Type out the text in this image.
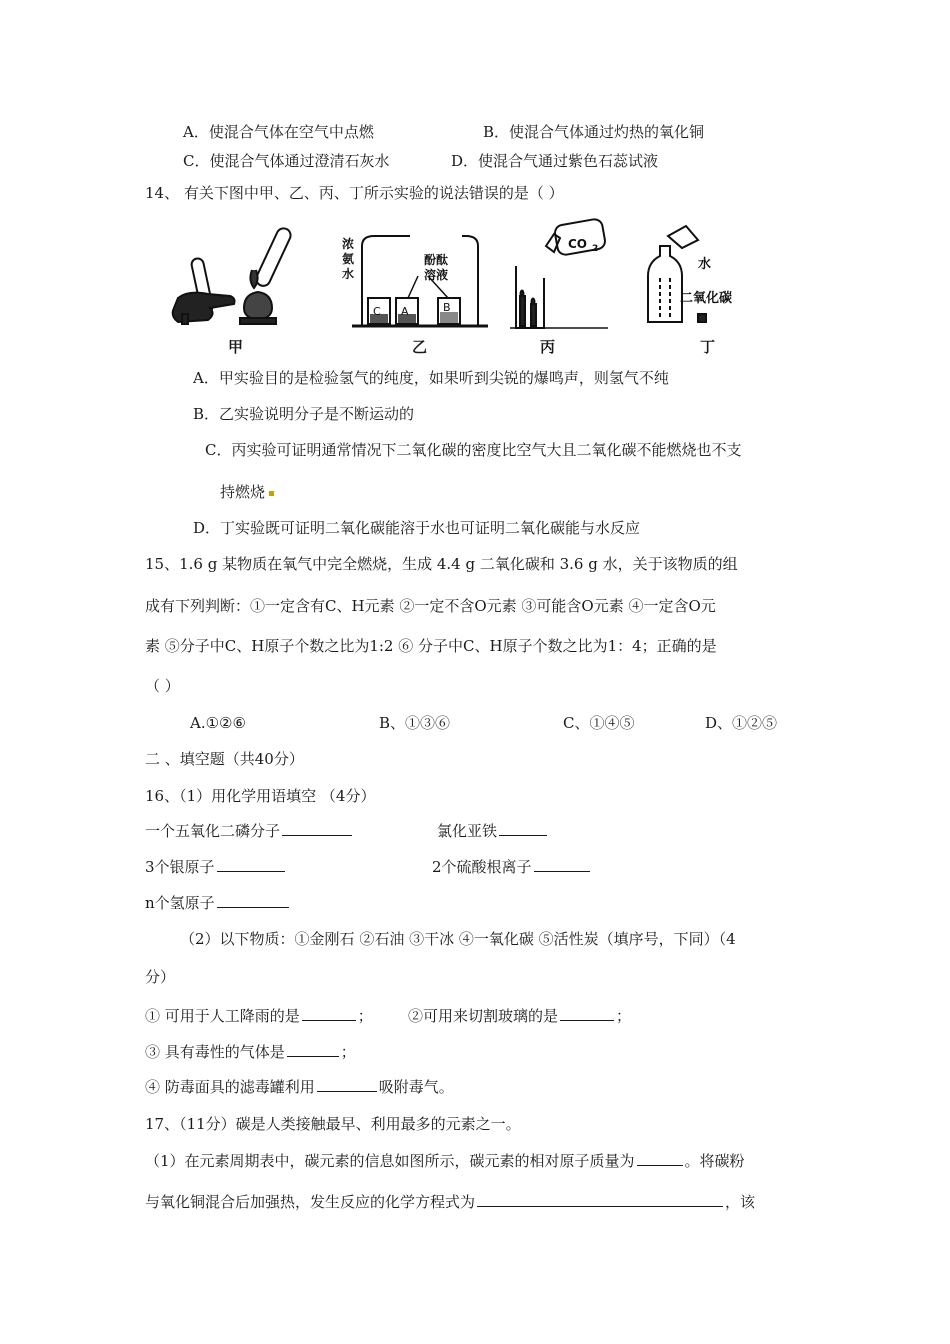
A．使混合气体在空气中点燃	B．使混合气体通过灼热的氧化铜
C．使混合气体通过澄清石灰水	D．使混合气通过紫色石蕊试液
14、 有关下图中甲、乙、丙、丁所示实验的说法错误的是（ ）
C A	B
浓
氨
水
酚酞
溶液
CO 2
水
二氧化碳
甲	乙	丙	丁
A．甲实验目的是检验氢气的纯度，如果听到尖锐的爆鸣声，则氢气不纯
B．乙实验说明分子是不断运动的
C．丙实验可证明通常情况下二氧化碳的密度比空气大且二氧化碳不能燃烧也不支
持燃烧
D．丁实验既可证明二氧化碳能溶于水也可证明二氧化碳能与水反应
15、1.6 g 某物质在氧气中完全燃烧，生成 4.4 g 二氧化碳和 3.6 g 水，关于该物质的组
成有下列判断：①一定含有C、H元素 ②一定不含O元素 ③可能含O元素 ④一定含O元
素 ⑤分子中C、H原子个数之比为1:2 ⑥ 分子中C、H原子个数之比为1：4；正确的是
（ ）
A.①②⑥	B、①③⑥	C、①④⑤	D、①②⑤
二 、填空题（共40分）
16、（1）用化学用语填空 （4分）
一个五氧化二磷分子	氯化亚铁
3个银原子	2个硫酸根离子
n个氢原子
（2）以下物质：①金刚石 ②石油 ③干冰 ④一氧化碳 ⑤活性炭（填序号，下同）（4
分）
① 可用于人工降雨的是	； ②可用来切割玻璃的是	；
③ 具有毒性的气体是	；
④ 防毒面具的滤毒罐利用	吸附毒气。
17、（11分）碳是人类接触最早、利用最多的元素之一。
（1）在元素周期表中，碳元素的信息如图所示，碳元素的相对原子质量为	。将碳粉
与氧化铜混合后加强热，发生反应的化学方程式为	，该
